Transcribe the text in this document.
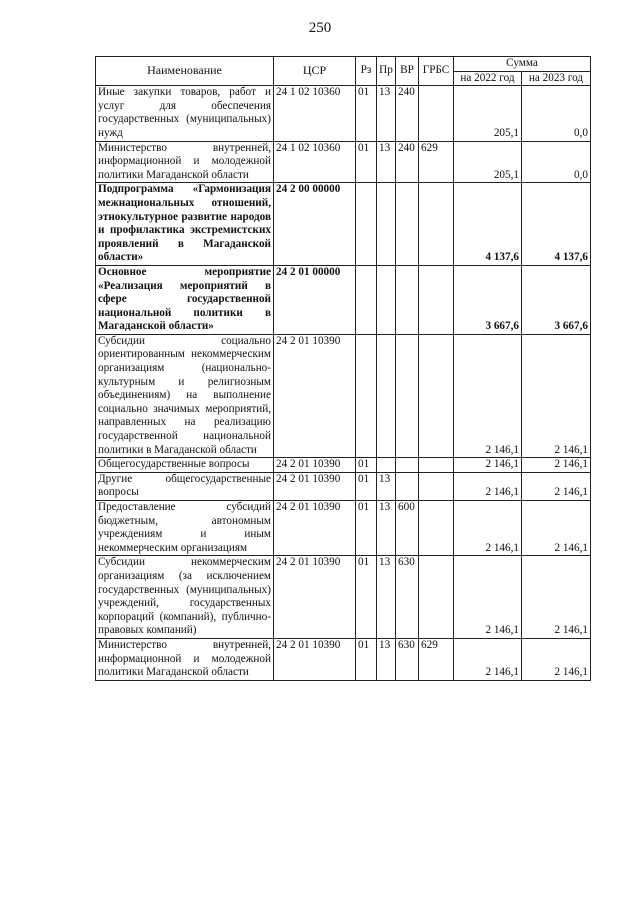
250
Наименование	ЦСР	Рз	Пр	ВР	ГРБС	Сумма	
						на 2022 год	на 2023 год
Иные закупки товаров, работ и услуг для обеспечения государственных (муниципальных) нужд	24 1 02 10360	01	13	240		205,1	0,0
Министерство внутренней, информационной и молодежной политики Магаданской области	24 1 02 10360	01	13	240	629	205,1	0,0
Подпрограмма «Гармонизация межнациональных отношений, этнокультурное развитие народов и профилактика экстремистских проявлений в Магаданской области»	24 2 00 00000					4 137,6	4 137,6
Основное мероприятие «Реализация мероприятий в сфере государственной национальной политики в Магаданской области»	24 2 01 00000					3 667,6	3 667,6
Субсидии социально ориентированным некоммерческим организациям (национально-культурным и религиозным объединениям) на выполнение социально значимых мероприятий, направленных на реализацию государственной национальной политики в Магаданской области	24 2 01 10390					2 146,1	2 146,1
Общегосударственные вопросы	24 2 01 10390	01				2 146,1	2 146,1
Другие общегосударственные вопросы	24 2 01 10390	01	13			2 146,1	2 146,1
Предоставление субсидий бюджетным, автономным учреждениям и иным некоммерческим организациям	24 2 01 10390	01	13	600		2 146,1	2 146,1
Субсидии некоммерческим организациям (за исключением государственных (муниципальных) учреждений, государственных корпораций (компаний), публично-правовых компаний)	24 2 01 10390	01	13	630		2 146,1	2 146,1
Министерство внутренней, информационной и молодежной политики Магаданской области	24 2 01 10390	01	13	630	629	2 146,1	2 146,1
